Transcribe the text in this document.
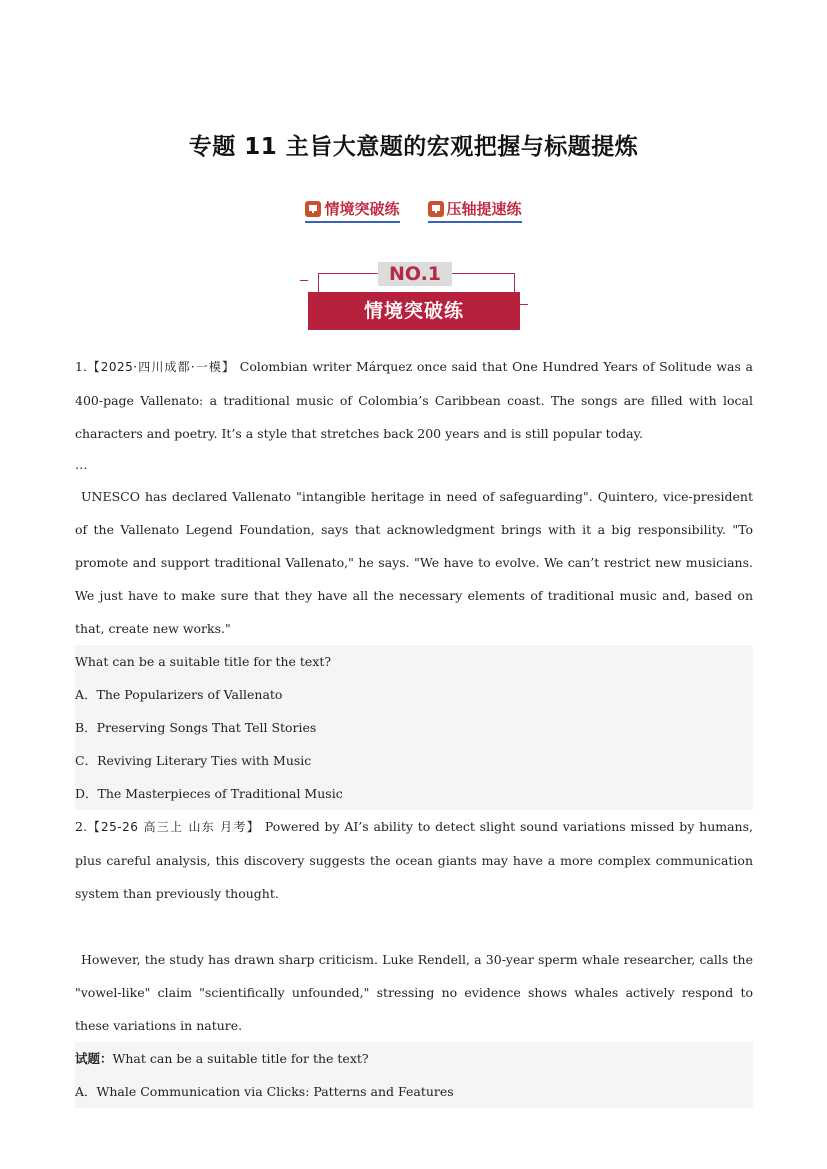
专题 11 主旨大意题的宏观把握与标题提炼
情境突破练	压轴提速练
NO.1
情境突破练

1.【2025·四川成都·一模】 Colombian writer Márquez once said that One Hundred Years of Solitude was a 400-page Vallenato: a traditional music of Colombia’s Caribbean coast. The songs are filled with local characters and poetry. It’s a style that stretches back 200 years and is still popular today.

…

UNESCO has declared Vallenato "intangible heritage in need of safeguarding". Quintero, vice-president of the Vallenato Legend Foundation, says that acknowledgment brings with it a big responsibility. "To promote and support traditional Vallenato," he says. "We have to evolve. We can’t restrict new musicians. We just have to make sure that they have all the necessary elements of traditional music and, based on that, create new works."

What can be a suitable title for the text?
A．The Popularizers of Vallenato
B．Preserving Songs That Tell Stories
C．Reviving Literary Ties with Music
D．The Masterpieces of Traditional Music

2.【25-26 高三上 山东 月考】 Powered by AI’s ability to detect slight sound variations missed by humans, plus careful analysis, this discovery suggests the ocean giants may have a more complex communication system than previously thought.

However, the study has drawn sharp criticism. Luke Rendell, a 30-year sperm whale researcher, calls the "vowel-like" claim "scientifically unfounded," stressing no evidence shows whales actively respond to these variations in nature.

试题：What can be a suitable title for the text?
A．Whale Communication via Clicks: Patterns and Features
